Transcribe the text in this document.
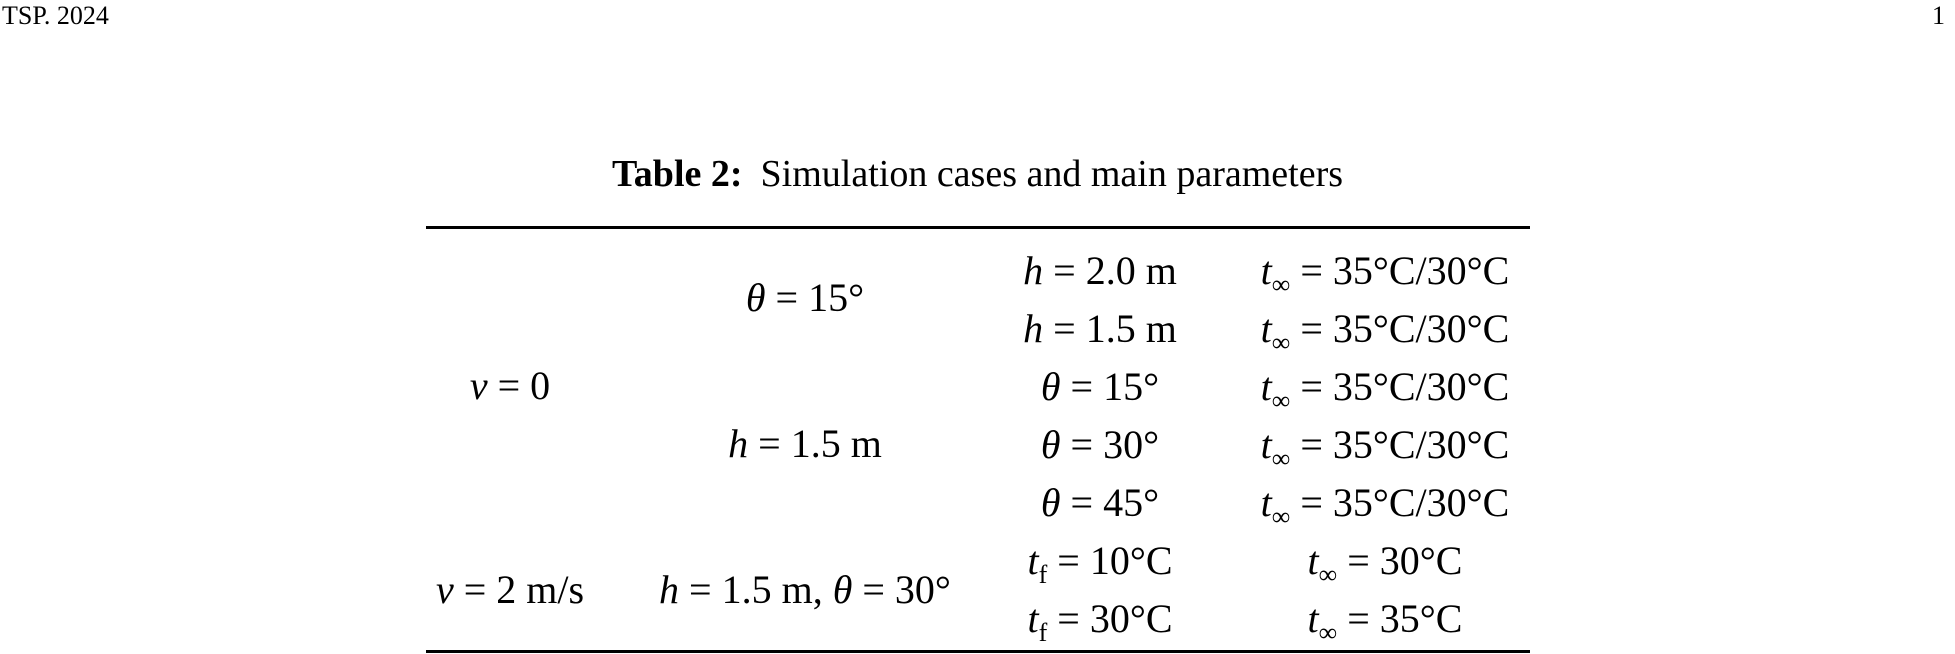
TSP. 2024	1
Table 2: Simulation cases and main parameters
v = 0
v = 2 m/s
θ = 15°
h = 1.5 m
h = 1.5 m, θ = 30°
h = 2.0 m
h = 1.5 m
θ = 15°
θ = 30°
θ = 45°
$t_f = 10^\circ C$
$t_f = 30^\circ C$
$t_\infty = 35^\circ C/30^\circ C$
$t_\infty = 35^\circ C/30^\circ C$
$t_\infty = 35^\circ C/30^\circ C$
$t_\infty = 35^\circ C/30^\circ C$
$t_\infty = 35^\circ C/30^\circ C$
$t_\infty = 30^\circ C$
$t_\infty = 35^\circ C$
